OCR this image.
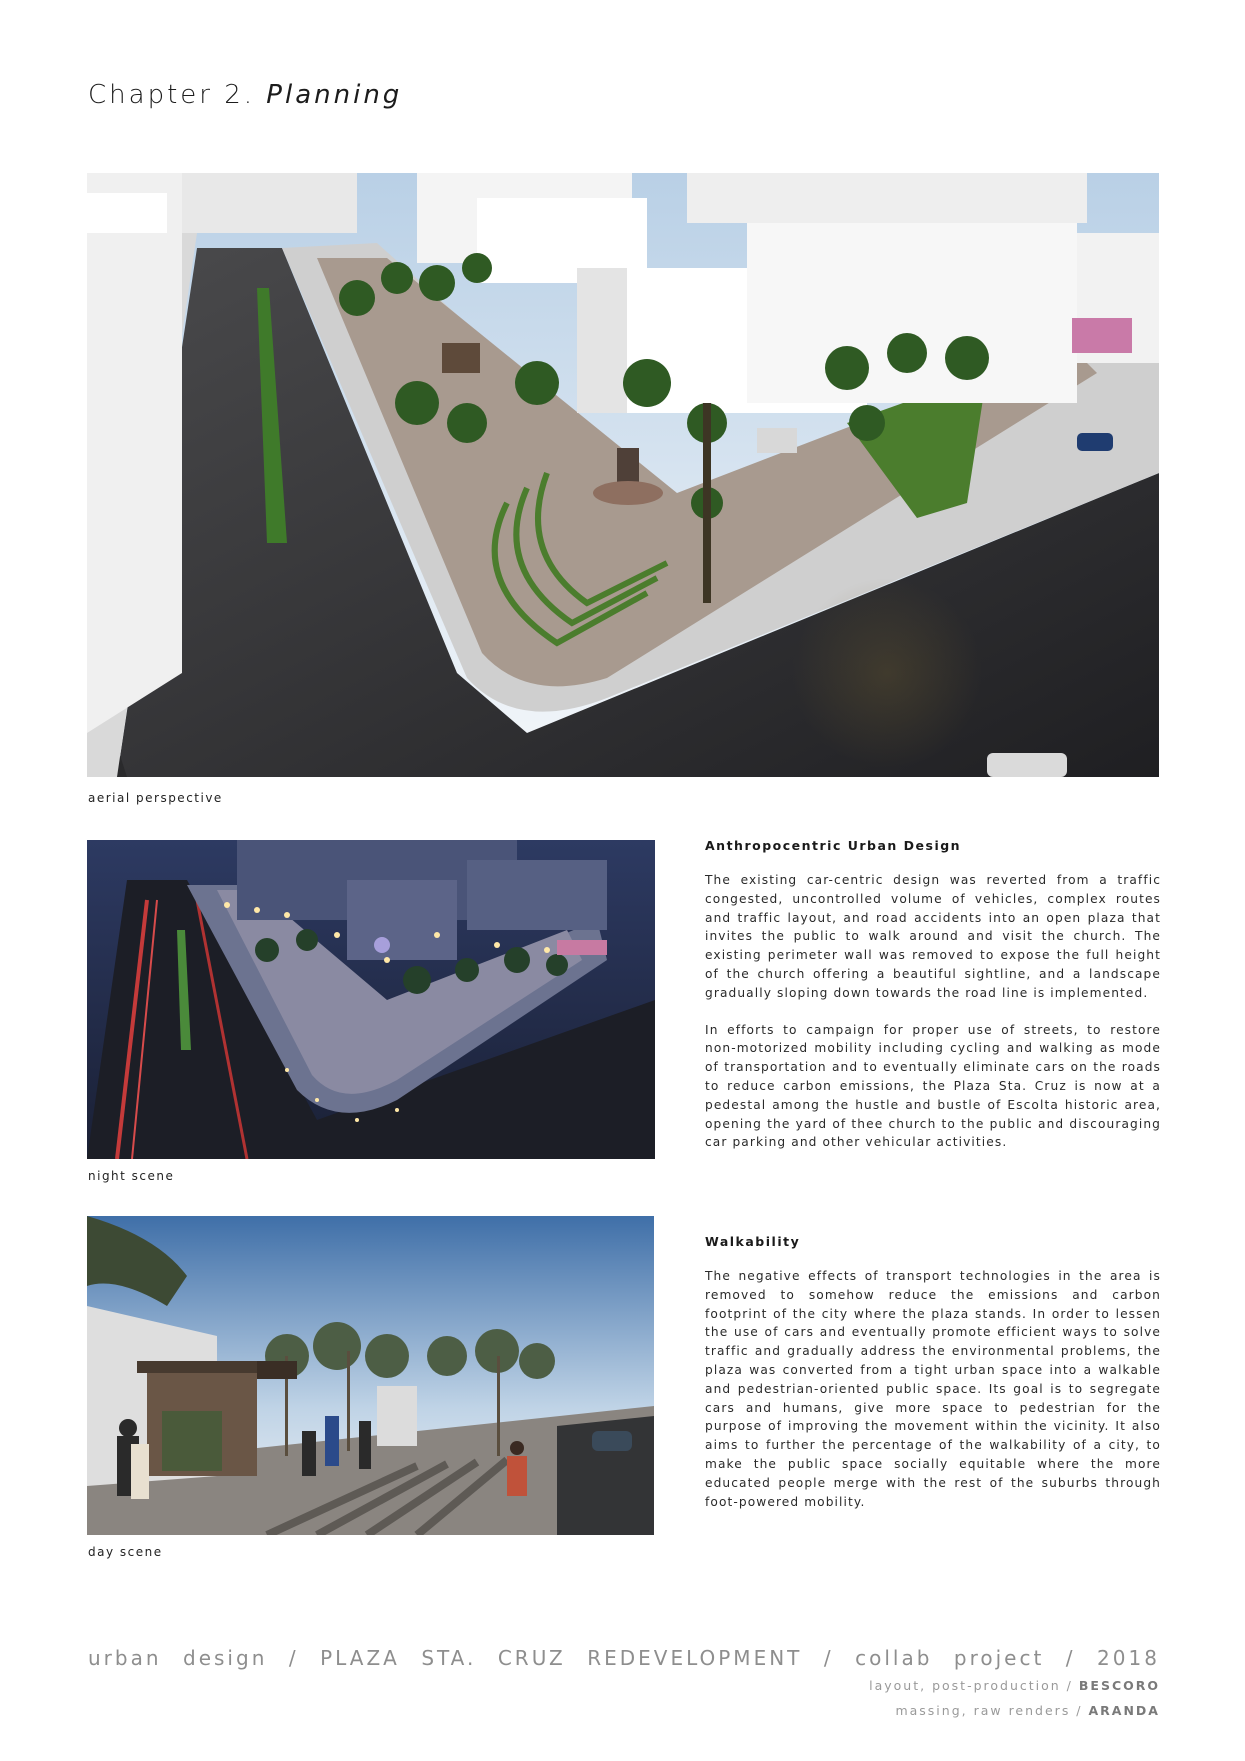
Chapter 2. Planning
aerial perspective
night scene
Anthropocentric Urban Design

The existing car-centric design was reverted from a traffic congested, uncontrolled volume of vehicles, complex routes and traffic layout, and road accidents into an open plaza that invites the public to walk around and visit the church. The existing perimeter wall was removed to expose the full height of the church offering a beautiful sightline, and a landscape gradually sloping down towards the road line is implemented.

In efforts to campaign for proper use of streets, to restore non-motorized mobility including cycling and walking as mode of transportation and to eventually eliminate cars on the roads to reduce carbon emissions, the Plaza Sta. Cruz is now at a pedestal among the hustle and bustle of Escolta historic area, opening the yard of thee church to the public and discouraging car parking and other vehicular activities.

day scene
Walkability

The negative effects of transport technologies in the area is removed to somehow reduce the emissions and carbon footprint of the city where the plaza stands. In order to lessen the use of cars and eventually promote efficient ways to solve traffic and gradually address the environmental problems, the plaza was converted from a tight urban space into a walkable and pedestrian-oriented public space. Its goal is to segregate cars and humans, give more space to pedestrian for the purpose of improving the movement within the vicinity. It also aims to further the percentage of the walkability of a city, to make the public space socially equitable where the more educated people merge with the rest of the suburbs through foot-powered mobility.

urban design / PLAZA STA. CRUZ REDEVELOPMENT / collab project / 2018
layout, post-production / BESCORO
massing, raw renders / ARANDA
